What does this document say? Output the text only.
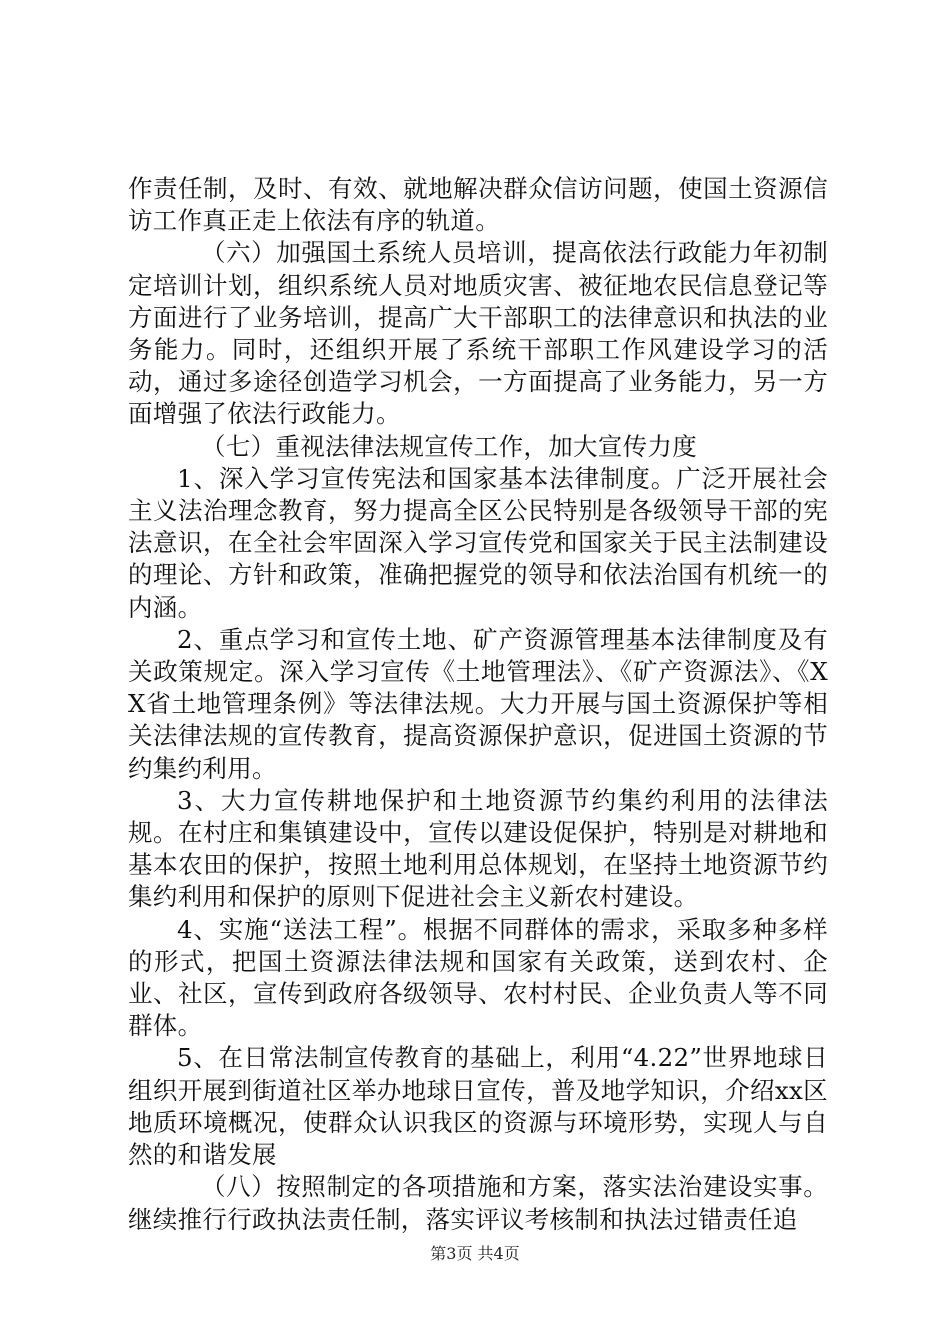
作责任制，及时、有效、就地解决群众信访问题，使国土资源信访工作真正走上依法有序的轨道。

（六）加强国土系统人员培训，提高依法行政能力年初制定培训计划，组织系统人员对地质灾害、被征地农民信息登记等方面进行了业务培训，提高广大干部职工的法律意识和执法的业务能力。同时，还组织开展了系统干部职工作风建设学习的活动，通过多途径创造学习机会，一方面提高了业务能力，另一方面增强了依法行政能力。

（七）重视法律法规宣传工作，加大宣传力度

1、深入学习宣传宪法和国家基本法律制度。广泛开展社会主义法治理念教育，努力提高全区公民特别是各级领导干部的宪法意识，在全社会牢固深入学习宣传党和国家关于民主法制建设的理论、方针和政策，准确把握党的领导和依法治国有机统一的内涵。

2、重点学习和宣传土地、矿产资源管理基本法律制度及有关政策规定。深入学习宣传《土地管理法》、《矿产资源法》、《XX省土地管理条例》等法律法规。大力开展与国土资源保护等相关法律法规的宣传教育，提高资源保护意识，促进国土资源的节约集约利用。

3、大力宣传耕地保护和土地资源节约集约利用的法律法规。在村庄和集镇建设中，宣传以建设促保护，特别是对耕地和基本农田的保护，按照土地利用总体规划，在坚持土地资源节约集约利用和保护的原则下促进社会主义新农村建设。

4、实施“送法工程”。根据不同群体的需求，采取多种多样的形式，把国土资源法律法规和国家有关政策，送到农村、企业、社区，宣传到政府各级领导、农村村民、企业负责人等不同群体。

5、在日常法制宣传教育的基础上，利用“4.22”世界地球日组织开展到街道社区举办地球日宣传，普及地学知识，介绍xx区地质环境概况，使群众认识我区的资源与环境形势，实现人与自然的和谐发展

（八）按照制定的各项措施和方案，落实法治建设实事。继续推行行政执法责任制，落实评议考核制和执法过错责任追

第3页 共4页
